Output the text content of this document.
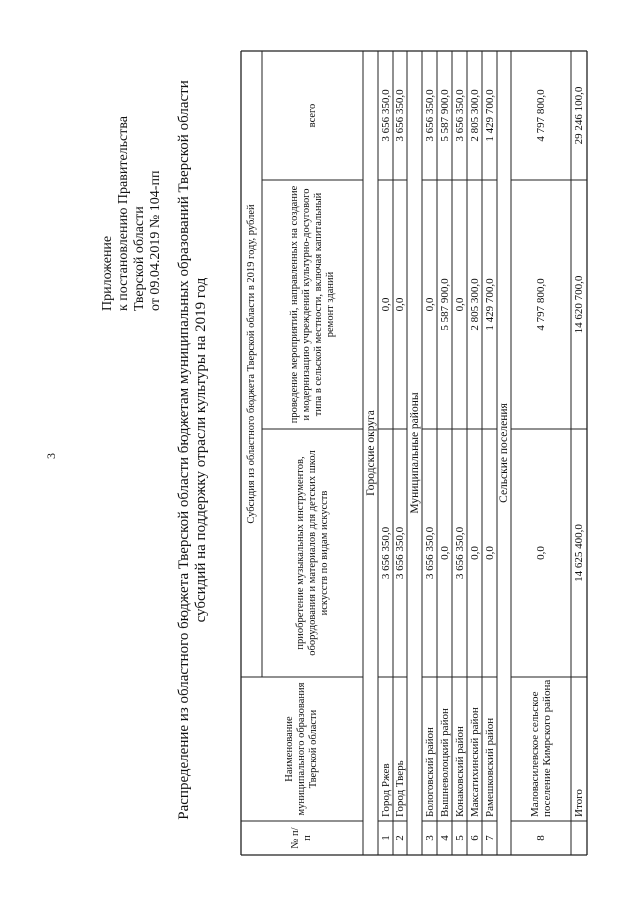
3
Приложение к постановлению Правительства Тверской области от 09.04.2019 № 104-пп Распределение из областного бюджета Тверской области бюджетам муниципальных образований Тверской области субсидий на поддержку отрасли культуры на 2019 год
№ п/п
Наименование муниципального образования Тверской области
Субсидия из областного бюджета Тверской области в 2019 году, рублей
приобретение музыкальных инструментов, оборудования и материалов для детских школ искусств по видам искусств
проведение мероприятий, направленных на создание и модернизацию учреждений культурно-досугового типа в сельской местности, включая капитальный ремонт зданий
всего
Городские округа
1
Город Ржев
3 656 350,0
0,0
3 656 350,0
2
Город Тверь
3 656 350,0
0,0
3 656 350,0
Муниципальные районы
3
Бологовский район
3 656 350,0
0,0
3 656 350,0
4
Вышневолоцкий район
0,0
5 587 900,0
5 587 900,0
5
Конаковский район
3 656 350,0
0,0
3 656 350,0
6
Максатихинский район
0,0
2 805 300,0
2 805 300,0
7
Рамешковский район
0,0
1 429 700,0
1 429 700,0
Сельские поселения
8
Маловасилевское сельское поселение Кимрского района
0,0
4 797 800,0
4 797 800,0
Итого
14 625 400,0
14 620 700,0
29 246 100,0
